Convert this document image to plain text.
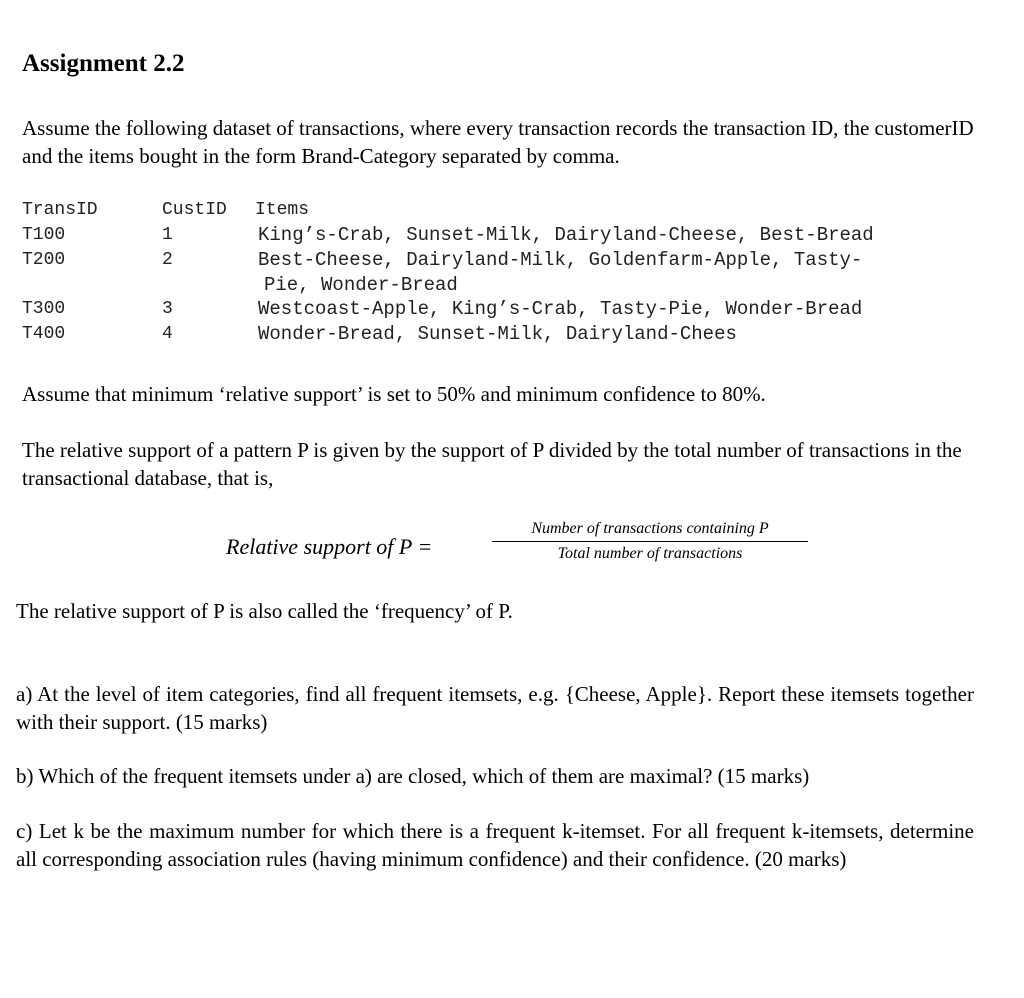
Assignment 2.2
Assume the following dataset of transactions, where every transaction records the transaction ID, the customerID and the items bought in the form Brand-Category separated by comma.
TransID	CustID Items
T100	1	King’s-Crab, Sunset-Milk, Dairyland-Cheese, Best-Bread
T200	2	Best-Cheese, Dairyland-Milk, Goldenfarm-Apple, Tasty-
Pie, Wonder-Bread
T300	3	Westcoast-Apple, King’s-Crab, Tasty-Pie, Wonder-Bread
T400	4	Wonder-Bread, Sunset-Milk, Dairyland-Chees
Assume that minimum ‘relative support’ is set to 50% and minimum confidence to 80%.
The relative support of a pattern P is given by the support of P divided by the total number of transactions in the transactional database, that is,
Relative support of P =
Number of transactions containing P
Total number of transactions
The relative support of P is also called the ‘frequency’ of P.
a) At the level of item categories, find all frequent itemsets, e.g. {Cheese, Apple}. Report these itemsets together with their support. (15 marks)
b) Which of the frequent itemsets under a) are closed, which of them are maximal? (15 marks)
c) Let k be the maximum number for which there is a frequent k-itemset. For all frequent k-itemsets, determine all corresponding association rules (having minimum confidence) and their confidence. (20 marks)
